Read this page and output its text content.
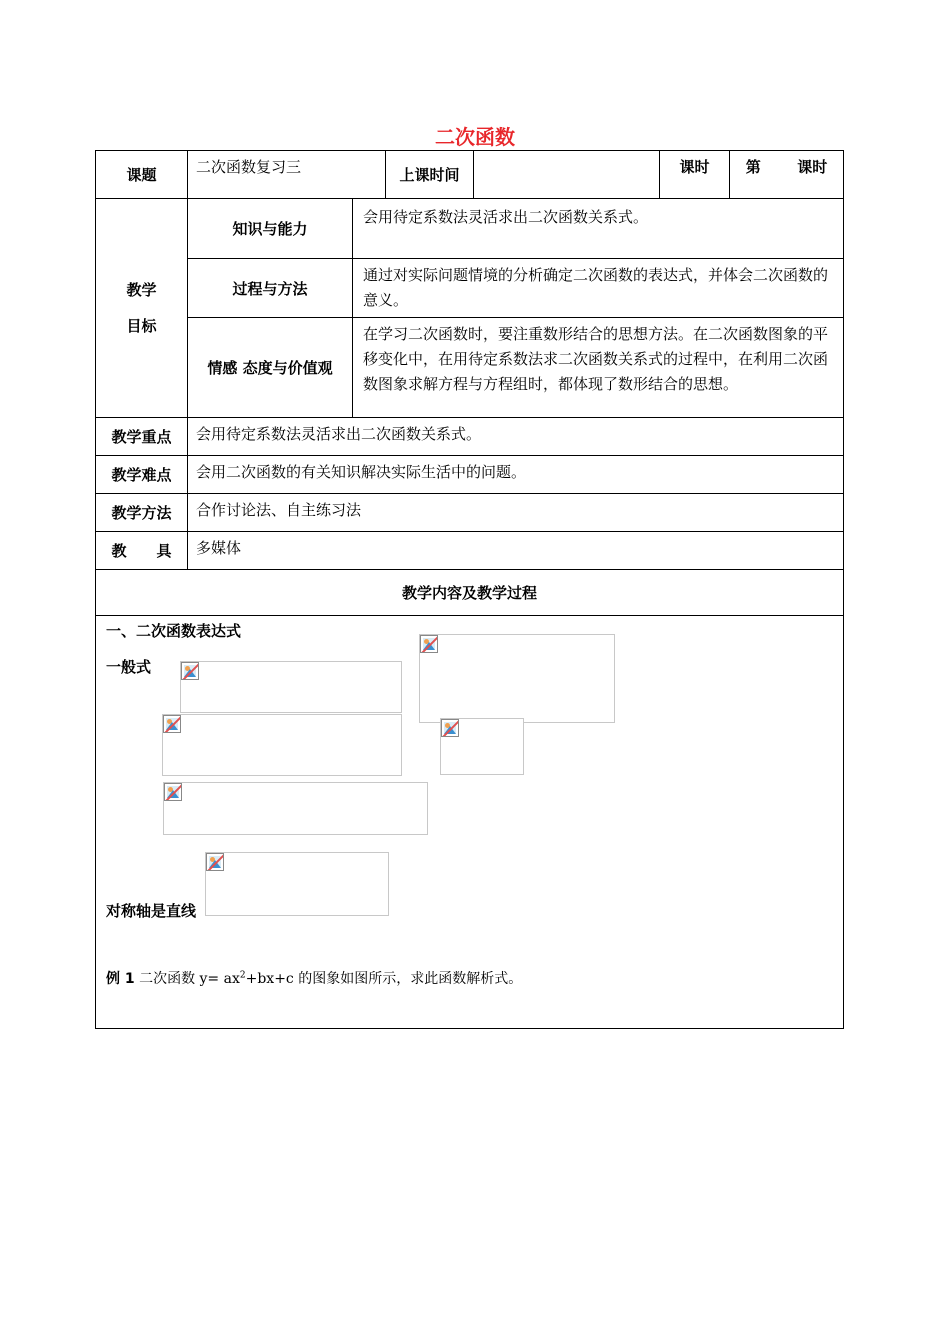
二次函数
课题	二次函数复习三		上课时间		课时	第 课时
教学
目标	知识与能力	会用待定系数法灵活求出二次函数关系式。				
	过程与方法	通过对实际问题情境的分析确定二次函数的表达式，并体会二次函数的意义。				
	情感 态度与价值观	在学习二次函数时，要注重数形结合的思想方法。在二次函数图象的平移变化中，在用待定系数法求二次函数关系式的过程中，在利用二次函数图象求解方程与方程组时，都体现了数形结合的思想。				
教学重点	会用待定系数法灵活求出二次函数关系式。					
教学难点	会用二次函数的有关知识解决实际生活中的问题。					
教学方法	合作讨论法、自主练习法					
教　　具	多媒体					
教学内容及教学过程						

一、二次函数表达式
一般式
对称轴是直线
例 1 二次函数 $y= ax^2+bx+c$ 的图象如图所示，求此函数解析式。						
